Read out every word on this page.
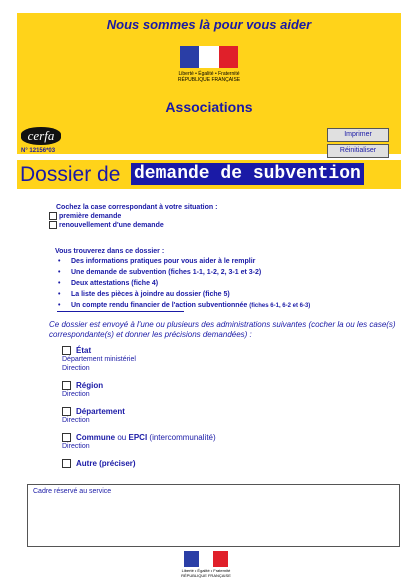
Nous sommes là pour vous aider
Liberté • Égalité • Fraternité
RÉPUBLIQUE FRANÇAISE
Associations
cerfa
N° 12156*03
Imprimer
Réinitialiser
Dossier de demande de subvention
Cochez la case correspondant à votre situation :
première demande
renouvellement d'une demande
Vous trouverez dans ce dossier :
• Des informations pratiques pour vous aider à le remplir
• Une demande de subvention (fiches 1-1, 1-2, 2, 3-1 et 3-2)
• Deux attestations (fiche 4)
• La liste des pièces à joindre au dossier (fiche 5)
• Un compte rendu financier de l'action subventionnée (fiches 6-1, 6-2 et 6-3)
Ce dossier est envoyé à l'une ou plusieurs des administrations suivantes (cocher la ou les case(s) correspondante(s) et donner les précisions demandées) :
État
Département ministériel
Direction
Région
Direction
Département
Direction
Commune ou EPCI (intercommunalité)
Direction
Autre (préciser)
Cadre réservé au service
Liberté • Égalité • Fraternité
RÉPUBLIQUE FRANÇAISE
